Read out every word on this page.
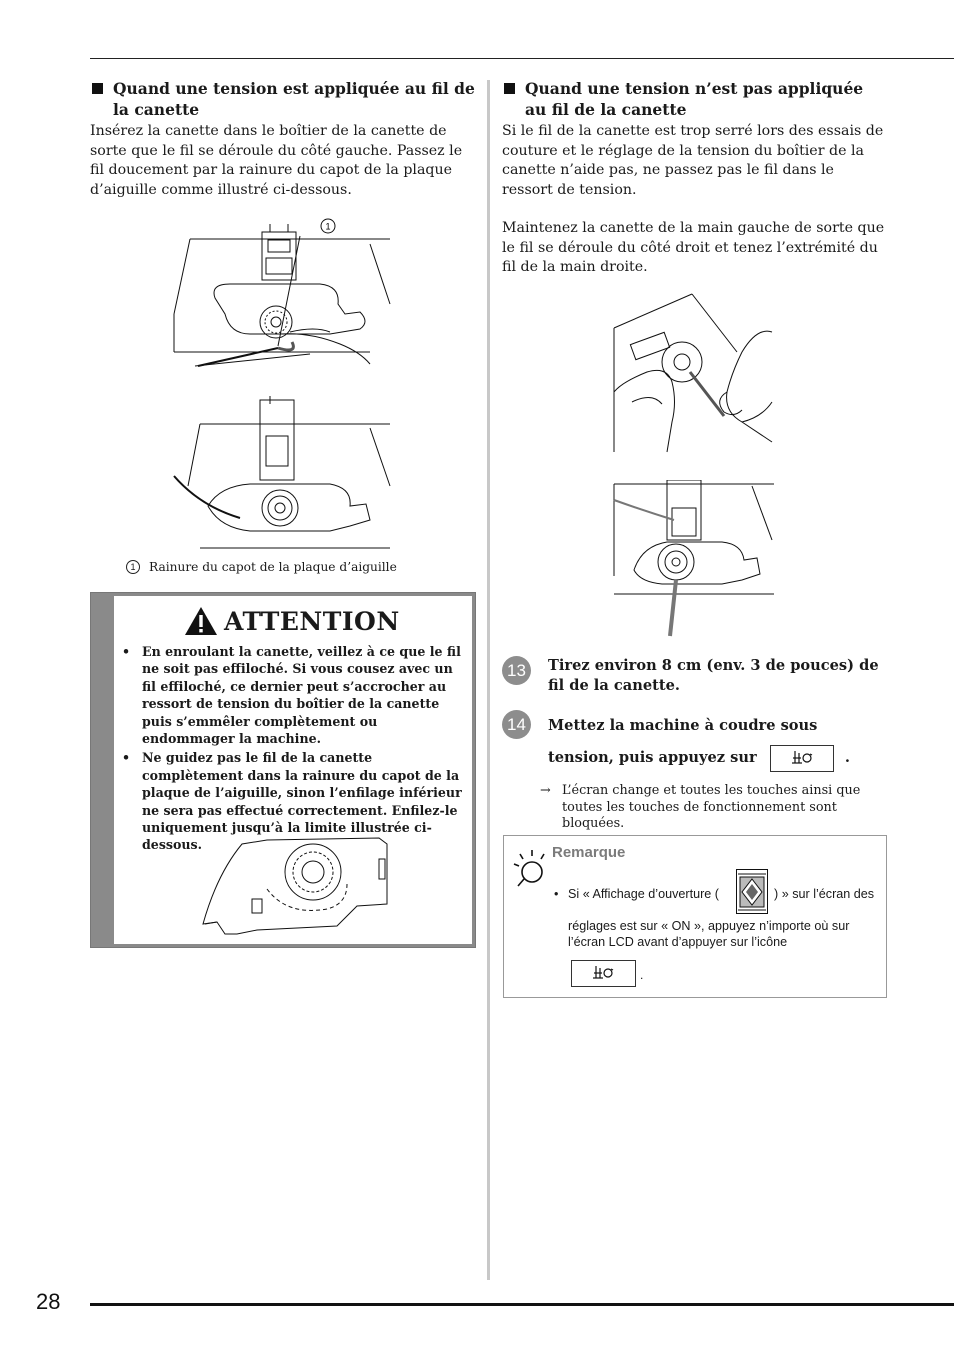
Quand une tension est appliquée au fil de la canette

Insérez la canette dans le boîtier de la canette de sorte que le fil se déroule du côté gauche. Passez le fil doucement par la rainure du capot de la plaque d’aiguille comme illustré ci-dessous.

1
1	Rainure du capot de la plaque d’aiguille
ATTENTION
• En enroulant la canette, veillez à ce que le fil ne soit pas effiloché. Si vous cousez avec un fil effiloché, ce dernier peut s’accrocher au ressort de tension du boîtier de la canette puis s’emmêler complètement ou endommager la machine.
• Ne guidez pas le fil de la canette complètement dans la rainure du capot de la plaque de l’aiguille, sinon l’enfilage inférieur ne sera pas effectué correctement. Enfilez-le uniquement jusqu’à la limite illustrée ci-dessous.
Quand une tension n’est pas appliquée au fil de la canette

Si le fil de la canette est trop serré lors des essais de couture et le réglage de la tension du boîtier de la canette n’aide pas, ne passez pas le fil dans le ressort de tension.

Maintenez la canette de la main gauche de sorte que le fil se déroule du côté droit et tenez l’extrémité du fil de la main droite.

13	Tirez environ 8 cm (env. 3 de pouces) de fil de la canette.
14	Mettez la machine à coudre sous tension, puis appuyez sur	.
→ L’écran change et toutes les touches ainsi que toutes les touches de fonctionnement sont bloquées.
Remarque
• Si « Affichage d’ouverture (	) » sur l’écran des
réglages est sur « ON », appuyez n’importe où sur
l’écran LCD avant d’appuyer sur l’icône
.
28
